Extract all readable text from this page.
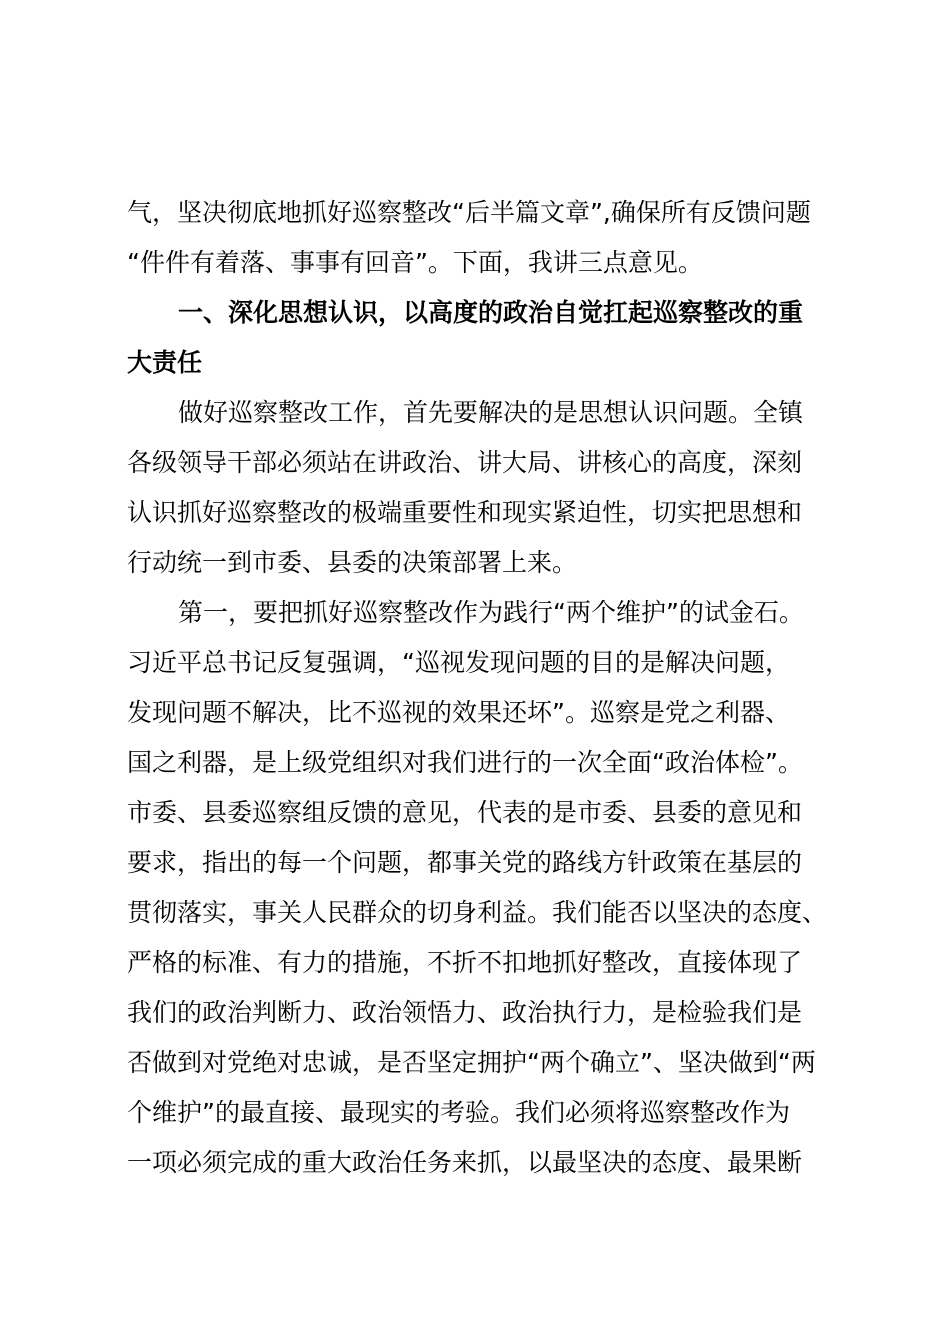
气，坚决彻底地抓好巡察整改“后半篇文章”,确保所有反馈问题
“件件有着落、事事有回音”。下面，我讲三点意见。
一、深化思想认识，以高度的政治自觉扛起巡察整改的重
大责任
做好巡察整改工作，首先要解决的是思想认识问题。全镇
各级领导干部必须站在讲政治、讲大局、讲核心的高度，深刻
认识抓好巡察整改的极端重要性和现实紧迫性，切实把思想和
行动统一到市委、县委的决策部署上来。
第一，要把抓好巡察整改作为践行“两个维护”的试金石。
习近平总书记反复强调，“巡视发现问题的目的是解决问题，
发现问题不解决，比不巡视的效果还坏”。巡察是党之利器、
国之利器，是上级党组织对我们进行的一次全面“政治体检”。
市委、县委巡察组反馈的意见，代表的是市委、县委的意见和
要求，指出的每一个问题，都事关党的路线方针政策在基层的
贯彻落实，事关人民群众的切身利益。我们能否以坚决的态度、
严格的标准、有力的措施，不折不扣地抓好整改，直接体现了
我们的政治判断力、政治领悟力、政治执行力，是检验我们是
否做到对党绝对忠诚，是否坚定拥护“两个确立”、坚决做到“两
个维护”的最直接、最现实的考验。我们必须将巡察整改作为
一项必须完成的重大政治任务来抓，以最坚决的态度、最果断
